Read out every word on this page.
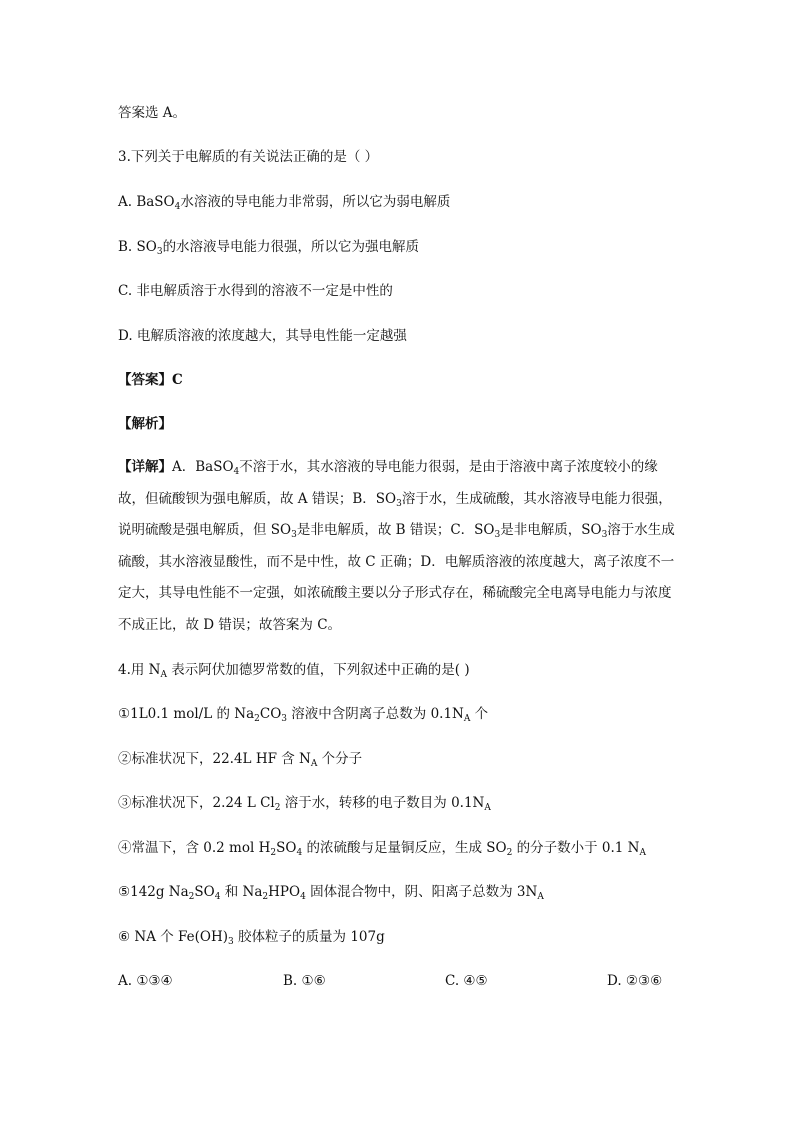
答案选 A。
3.下列关于电解质的有关说法正确的是（ ）
A. BaSO$_4$水溶液的导电能力非常弱，所以它为弱电解质
B. $SO_3$的水溶液导电能力很强，所以它为强电解质
C. 非电解质溶于水得到的溶液不一定是中性的
D. 电解质溶液的浓度越大，其导电性能一定越强
【答案】C
【解析】
【详解】A．BaSO$_4$不溶于水，其水溶液的导电能力很弱，是由于溶液中离子浓度较小的缘故，但硫酸钡为强电解质，故 A 错误；B．$SO_3$溶于水，生成硫酸，其水溶液导电能力很强，说明硫酸是强电解质，但 $SO_3$是非电解质，故 B 错误；C．$SO_3$是非电解质，$SO_3$溶于水生成硫酸，其水溶液显酸性，而不是中性，故 C 正确；D．电解质溶液的浓度越大，离子浓度不一定大，其导电性能不一定强，如浓硫酸主要以分子形式存在，稀硫酸完全电离导电能力与浓度不成正比，故 D 错误；故答案为 C。
4.用 $N_A$ 表示阿伏加德罗常数的值，下列叙述中正确的是( )
①1L0.1 mol/L 的 $Na_2CO_3$ 溶液中含阴离子总数为 $0.1N_A$ 个
②标准状况下，22.4L HF 含 $N_A$ 个分子
③标准状况下，2.24 L $Cl_2$ 溶于水，转移的电子数目为 $0.1N_A$
④常温下，含 0.2 mol $H_2SO_4$ 的浓硫酸与足量铜反应，生成 $SO_2$ 的分子数小于 0.1 $N_A$
⑤142g $Na_2SO_4$ 和 $Na_2HPO_4$ 固体混合物中，阴、阳离子总数为 $3N_A$
⑥ NA 个 $Fe(OH)_3$ 胶体粒子的质量为 107g
A. ①③④	B. ①⑥	C. ④⑤	D. ②③⑥
